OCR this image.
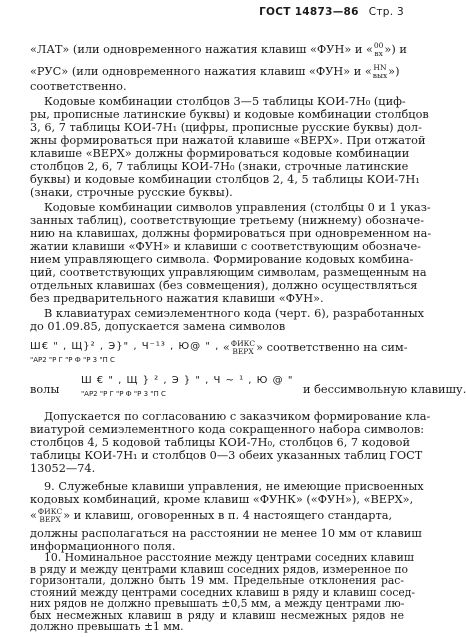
ГОСТ 14873—86 Стр. 3
«ЛАТ» (или одновременного нажатия клавиш «ФУН» и «00
вх ») и
«РУС» (или одновременного нажатия клавиш «ФУН» и « HN
вых»)
соответственно.
Кодовые комбинации столбцов 3—5 таблицы КОИ-7Н₀ (циф-
ры, прописные латинские буквы) и кодовые комбинации столбцов
3, 6, 7 таблицы КОИ-7Н₁ (цифры, прописные русские буквы) дол-
жны формироваться при нажатой клавише «ВЕРХ». При отжатой
клавише «ВЕРХ» должны формироваться кодовые комбинации
столбцов 2, 6, 7 таблицы КОИ-7Н₀ (знаки, строчные латинские
буквы) и кодовые комбинации столбцов 2, 4, 5 таблицы КОИ-7Н₁
(знаки, строчные русские буквы).
Кодовые комбинации символов управления (столбцы 0 и 1 указ-
занных таблиц), соответствующие третьему (нижнему) обозначе-
нию на клавишах, должны формироваться при одновременном на-
жатии клавиши «ФУН» и клавиши с соответствующим обозначе-
нием управляющего символа. Формирование кодовых комбина-
ций, соответствующих управляющим символам, размещенным на
отдельных клавишах (без совмещения), должно осуществляться
без предварительного нажатия клавиши «ФУН».
В клавиатурах семиэлементного кода (черт. 6), разработанных
до 01.09.85, допускается замена символов
Ш€ " , Щ}² , Э}" , Ч⁻¹³ , Ю@ " ,
"АР2 "Р Г "Р Ф "Р 3 "П С «ФИКС
ВЕРХ » соответственно на сим-
волы Ш € " , Щ } ² , Э } " , Ч ~ ¹ , Ю @ "
"АР2 "Р Г "Р Ф "Р 3 "П С	и бессимвольную клавишу.
Допускается по согласованию с заказчиком формирование кла-
виатурой семиэлементного кода сокращенного набора символов:
столбцов 4, 5 кодовой таблицы КОИ-7Н₀, столбцов 6, 7 кодовой
таблицы КОИ-7Н₁ и столбцов 0—3 обеих указанных таблиц ГОСТ
13052—74.
9. Служебные клавиши управления, не имеющие присвоенных
кодовых комбинаций, кроме клавиш «ФУНК» («ФУН»), «ВЕРХ»,
«ФИКС
ВЕРХ » и клавиш, оговоренных в п. 4 настоящего стандарта,
должны располагаться на расстоянии не менее 10 мм от клавиш
информационного поля.
10. Номинальное расстояние между центрами соседних клавиш
в ряду и между центрами клавиш соседних рядов, измеренное по
горизонтали, должно быть 19 мм. Предельные отклонения рас-
стояний между центрами соседних клавиш в ряду и клавиш сосед-
них рядов не должно превышать ±0,5 мм, а между центрами лю-
бых несмежных клавиш в ряду и клавиш несмежных рядов не
должно превышать ±1 мм.
